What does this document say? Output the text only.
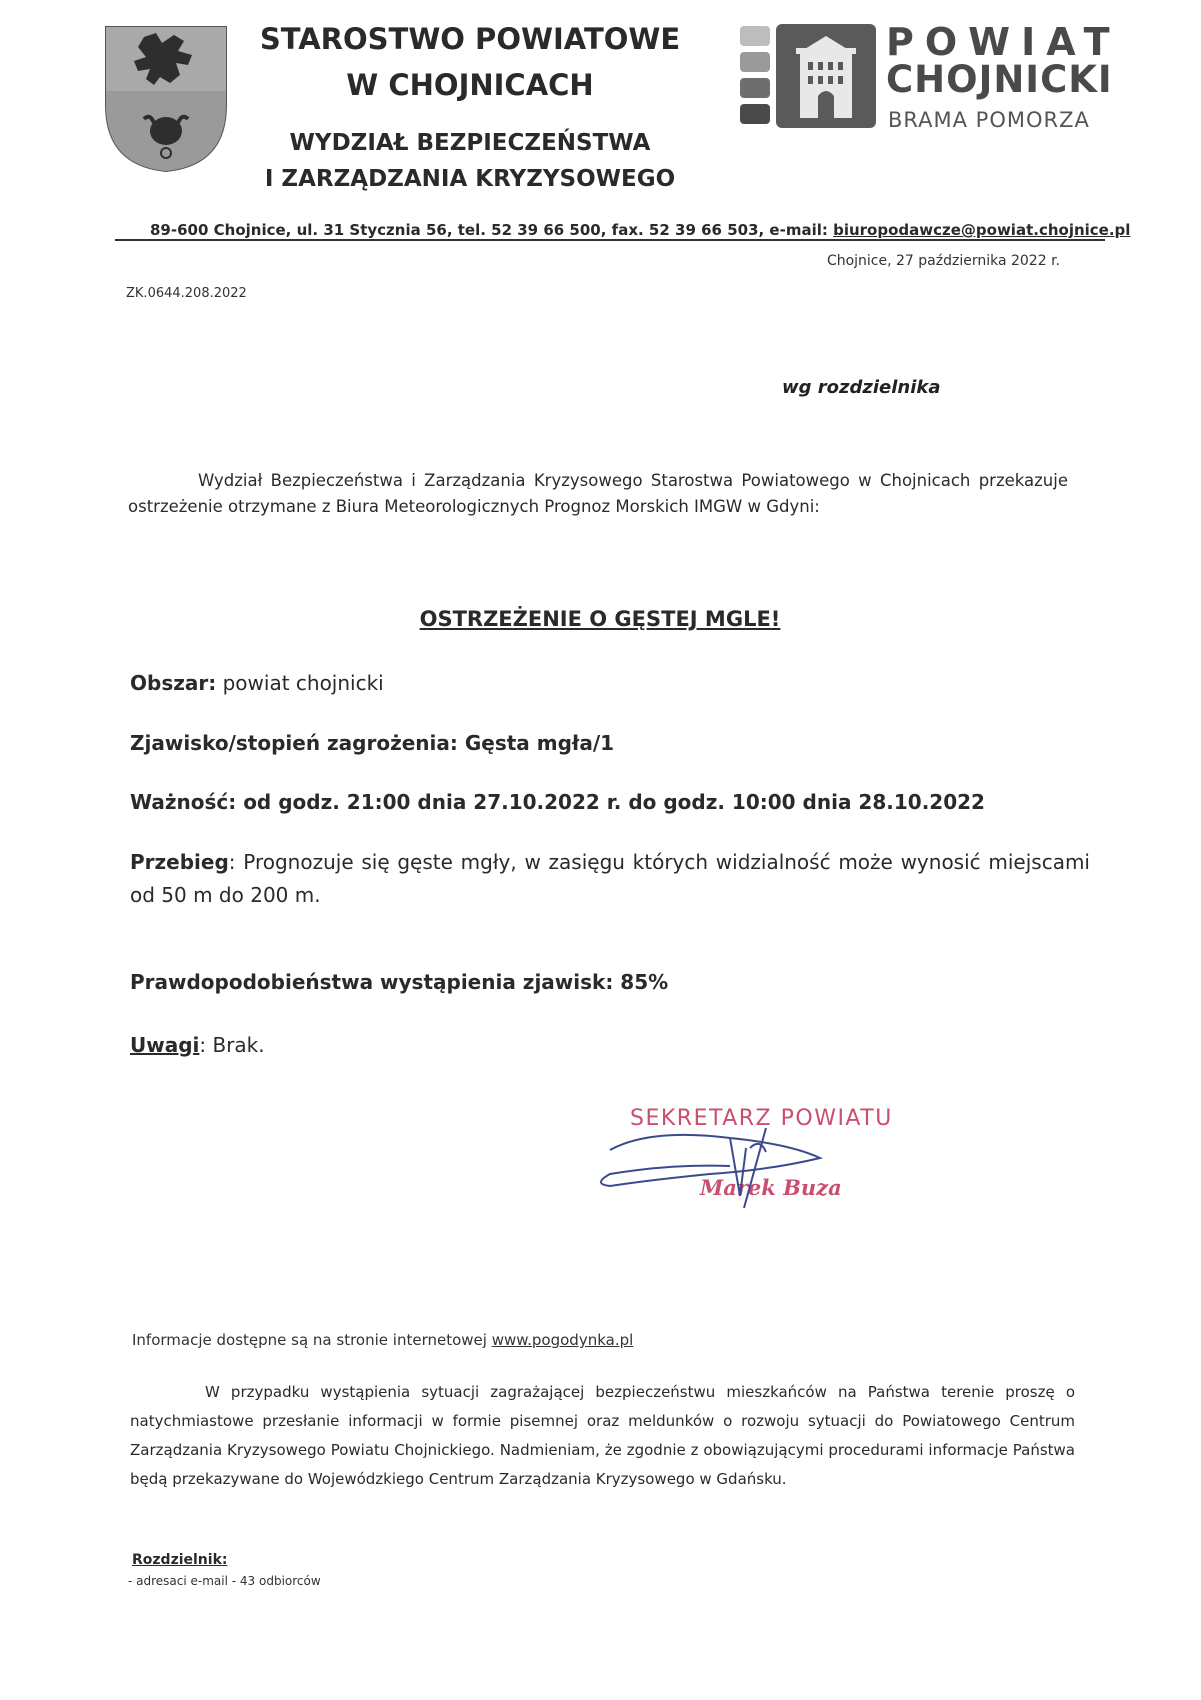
STAROSTWO POWIATOWE
W CHOJNICACH
WYDZIAŁ BEZPIECZEŃSTWA
I ZARZĄDZANIA KRYZYSOWEGO
POWIAT
CHOJNICKI
BRAMA POMORZA
89-600 Chojnice, ul. 31 Stycznia 56, tel. 52 39 66 500, fax. 52 39 66 503, e-mail: biuropodawcze@powiat.chojnice.pl
Chojnice, 27 października 2022 r.
ZK.0644.208.2022
wg rozdzielnika
Wydział Bezpieczeństwa i Zarządzania Kryzysowego Starostwa Powiatowego w Chojnicach przekazuje ostrzeżenie otrzymane z Biura Meteorologicznych Prognoz Morskich IMGW w Gdyni:
OSTRZEŻENIE O GĘSTEJ MGLE!
Obszar: powiat chojnicki
Zjawisko/stopień zagrożenia: Gęsta mgła/1
Ważność: od godz. 21:00 dnia 27.10.2022 r. do godz. 10:00 dnia 28.10.2022
Przebieg: Prognozuje się gęste mgły, w zasięgu których widzialność może wynosić miejscami od 50 m do 200 m.
Prawdopodobieństwa wystąpienia zjawisk: 85%
Uwagi: Brak.
SEKRETARZ POWIATU
Marek Buza
Informacje dostępne są na stronie internetowej www.pogodynka.pl
W przypadku wystąpienia sytuacji zagrażającej bezpieczeństwu mieszkańców na Państwa terenie proszę o natychmiastowe przesłanie informacji w formie pisemnej oraz meldunków o rozwoju sytuacji do Powiatowego Centrum Zarządzania Kryzysowego Powiatu Chojnickiego. Nadmieniam, że zgodnie z obowiązującymi procedurami informacje Państwa będą przekazywane do Wojewódzkiego Centrum Zarządzania Kryzysowego w Gdańsku.
Rozdzielnik:
- adresaci e-mail - 43 odbiorców
